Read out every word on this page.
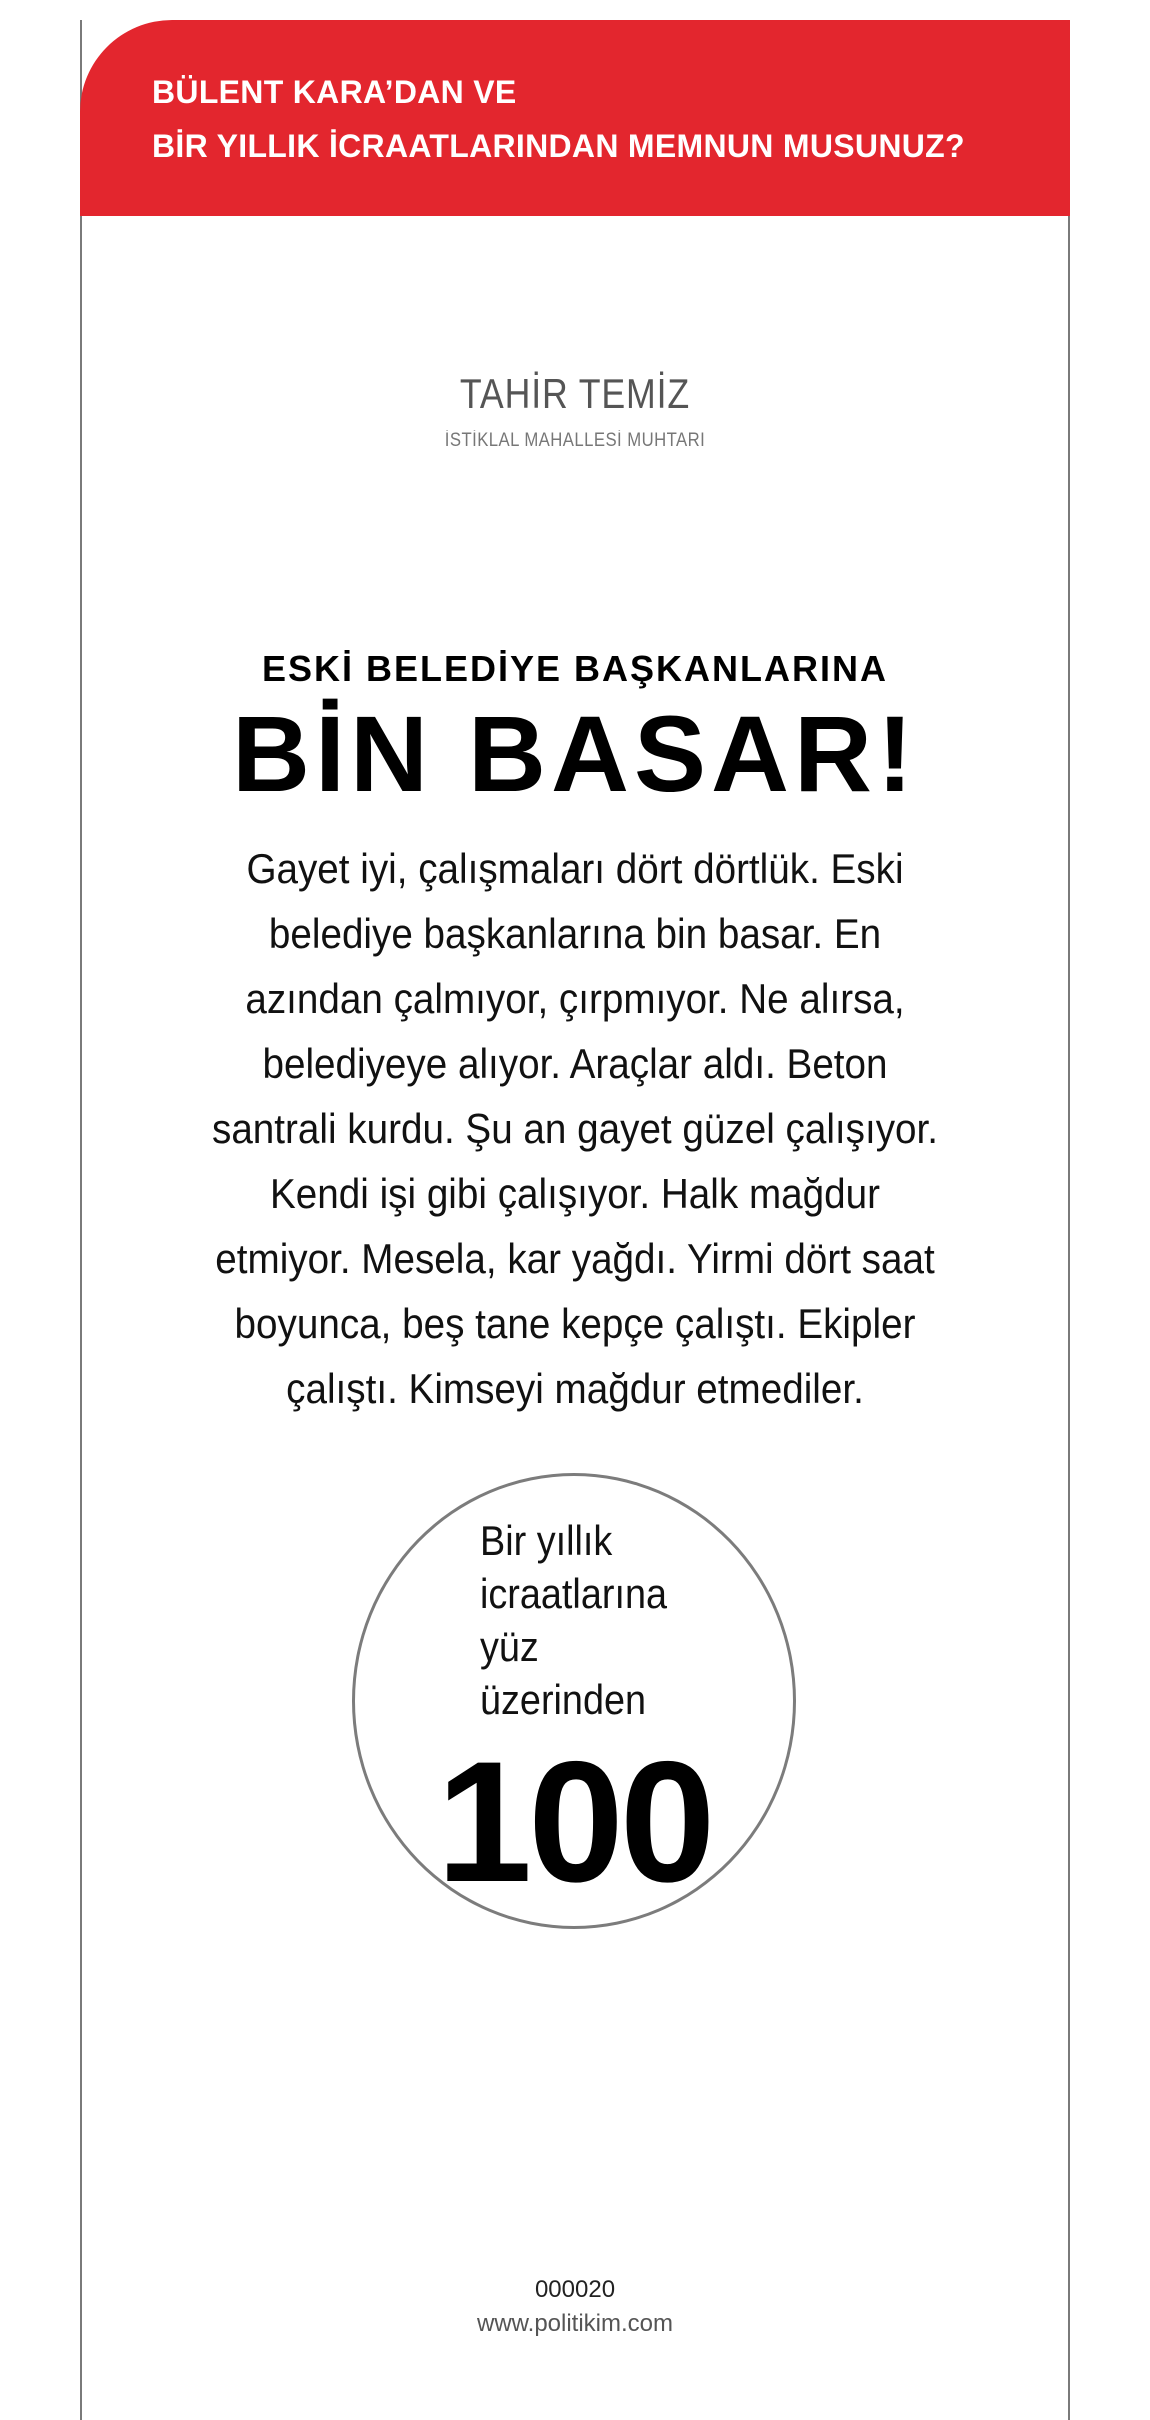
BÜLENT KARA’DAN VE
BİR YILLIK İCRAATLARINDAN MEMNUN MUSUNUZ?
TAHİR TEMİZ
İSTİKLAL MAHALLESİ MUHTARI
ESKİ BELEDİYE BAŞKANLARINA
BİN BASAR!
Gayet iyi, çalışmaları dört dörtlük. Eski belediye başkanlarına bin basar. En azından çalmıyor, çırpmıyor. Ne alırsa, belediyeye alıyor. Araçlar aldı. Beton santrali kurdu. Şu an gayet güzel çalışıyor. Kendi işi gibi çalışıyor. Halk mağdur etmiyor. Mesela, kar yağdı. Yirmi dört saat boyunca, beş tane kepçe çalıştı. Ekipler çalıştı. Kimseyi mağdur etmediler.
Bir yıllık icraatlarına yüz üzerinden
100
000020
www.politikim.com
